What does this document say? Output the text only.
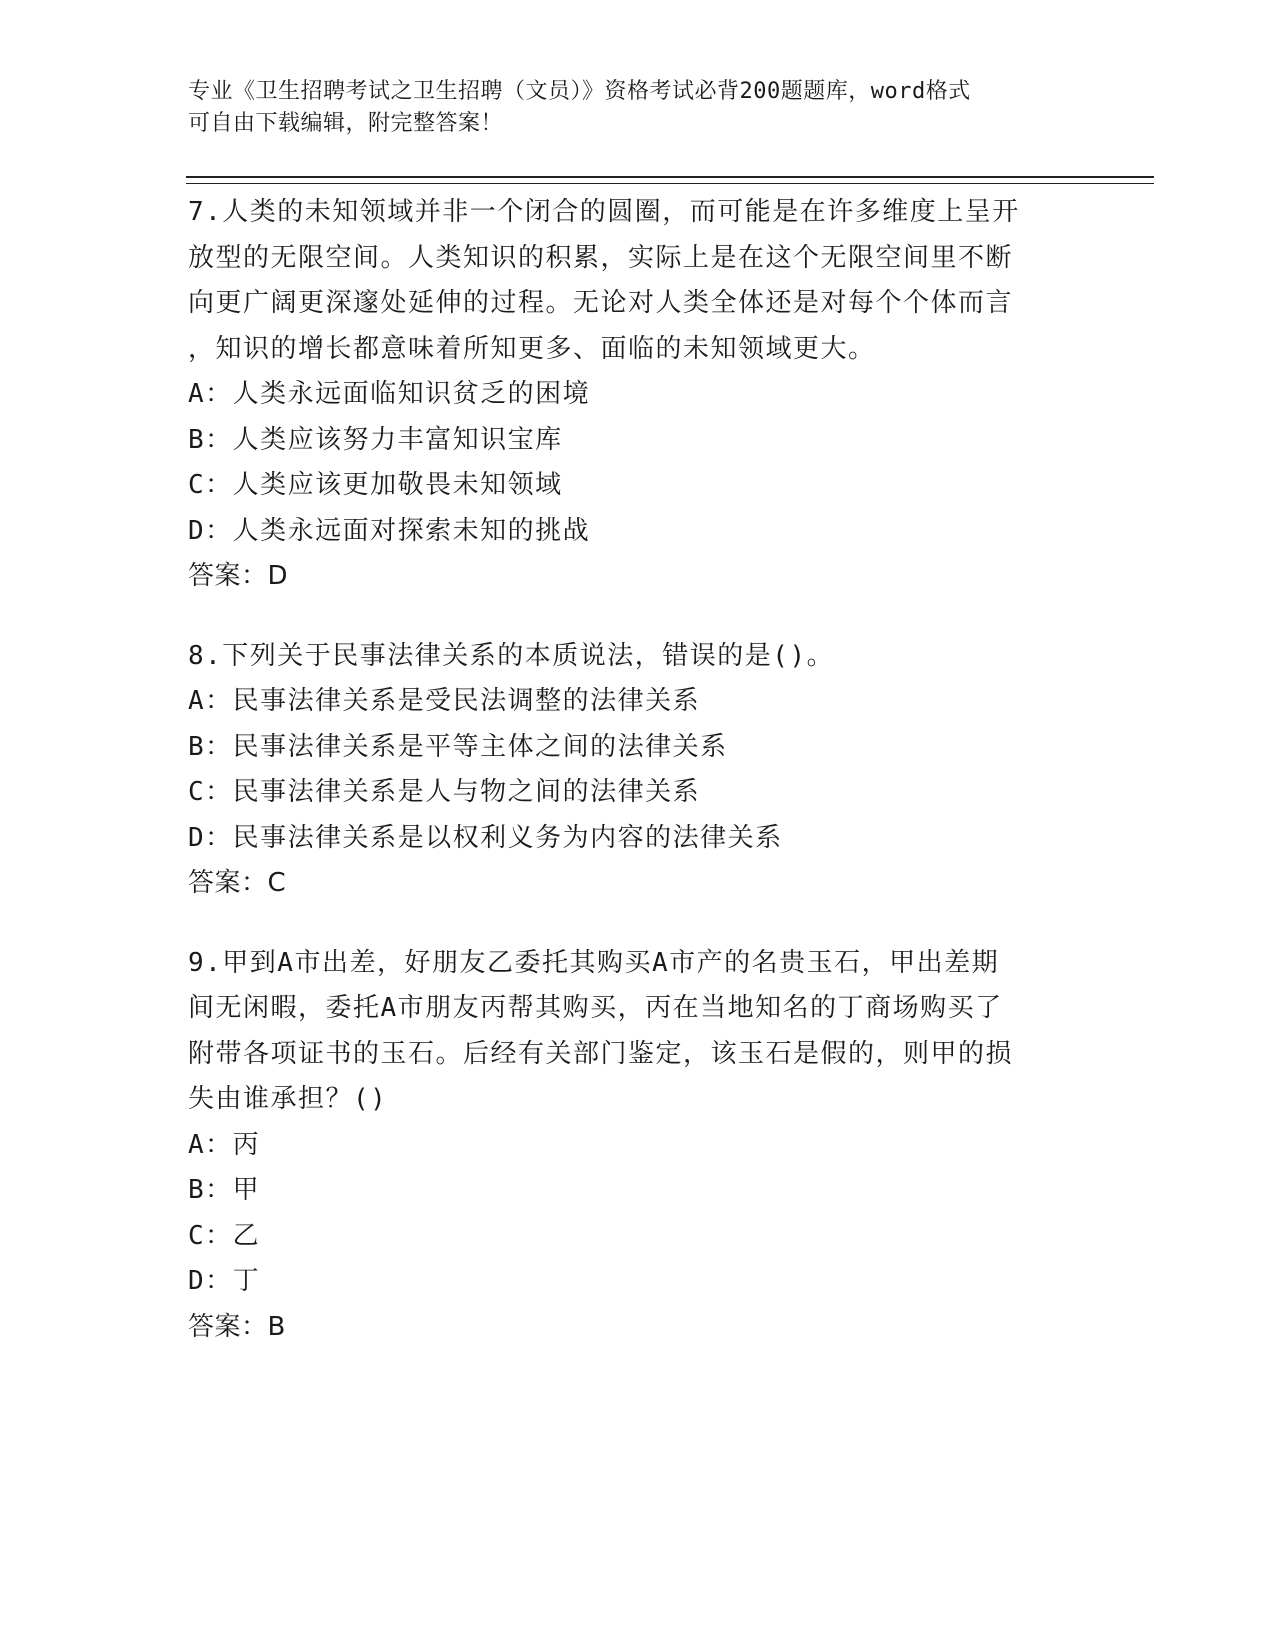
专业《卫生招聘考试之卫生招聘（文员）》资格考试必背200题题库，word格式
可自由下载编辑，附完整答案！
7.人类的未知领域并非一个闭合的圆圈，而可能是在许多维度上呈开
放型的无限空间。人类知识的积累，实际上是在这个无限空间里不断
向更广阔更深邃处延伸的过程。无论对人类全体还是对每个个体而言
，知识的增长都意味着所知更多、面临的未知领域更大。
A：人类永远面临知识贫乏的困境
B：人类应该努力丰富知识宝库
C：人类应该更加敬畏未知领域
D：人类永远面对探索未知的挑战
答案：D
8.下列关于民事法律关系的本质说法，错误的是()。
A：民事法律关系是受民法调整的法律关系
B：民事法律关系是平等主体之间的法律关系
C：民事法律关系是人与物之间的法律关系
D：民事法律关系是以权利义务为内容的法律关系
答案：C
9.甲到A市出差，好朋友乙委托其购买A市产的名贵玉石，甲出差期
间无闲暇，委托A市朋友丙帮其购买，丙在当地知名的丁商场购买了
附带各项证书的玉石。后经有关部门鉴定，该玉石是假的，则甲的损
失由谁承担？()
A：丙
B：甲
C：乙
D：丁
答案：B
